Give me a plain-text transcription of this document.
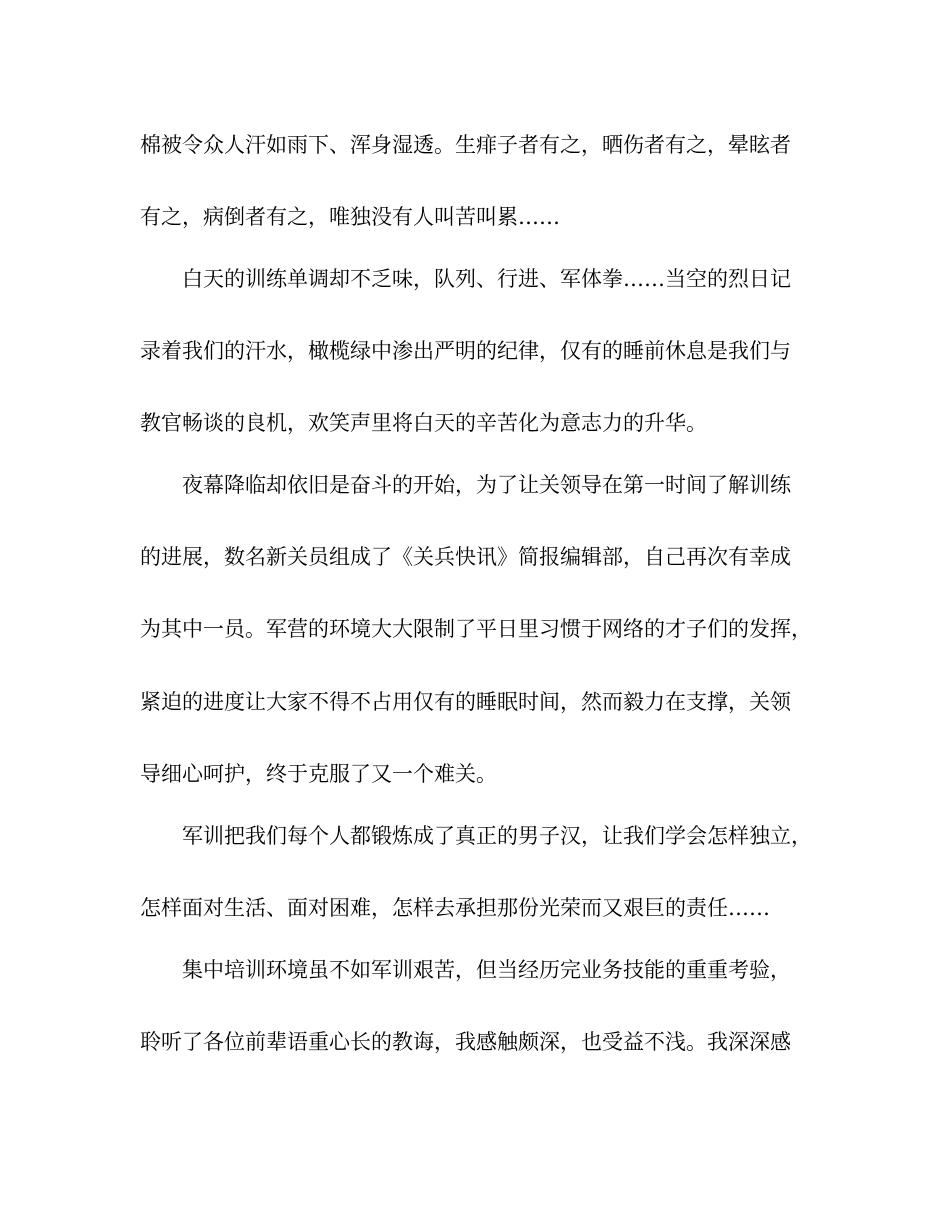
棉被令众人汗如雨下、浑身湿透。生痱子者有之，晒伤者有之，晕眩者
有之，病倒者有之，唯独没有人叫苦叫累……
白天的训练单调却不乏味，队列、行进、军体拳……当空的烈日记
录着我们的汗水，橄榄绿中渗出严明的纪律，仅有的睡前休息是我们与
教官畅谈的良机，欢笑声里将白天的辛苦化为意志力的升华。
夜幕降临却依旧是奋斗的开始，为了让关领导在第一时间了解训练
的进展，数名新关员组成了《关兵快讯》简报编辑部，自己再次有幸成
为其中一员。军营的环境大大限制了平日里习惯于网络的才子们的发挥，
紧迫的进度让大家不得不占用仅有的睡眠时间，然而毅力在支撑，关领
导细心呵护，终于克服了又一个难关。
军训把我们每个人都锻炼成了真正的男子汉，让我们学会怎样独立，
怎样面对生活、面对困难，怎样去承担那份光荣而又艰巨的责任……
集中培训环境虽不如军训艰苦，但当经历完业务技能的重重考验，
聆听了各位前辈语重心长的教诲，我感触颇深，也受益不浅。我深深感
